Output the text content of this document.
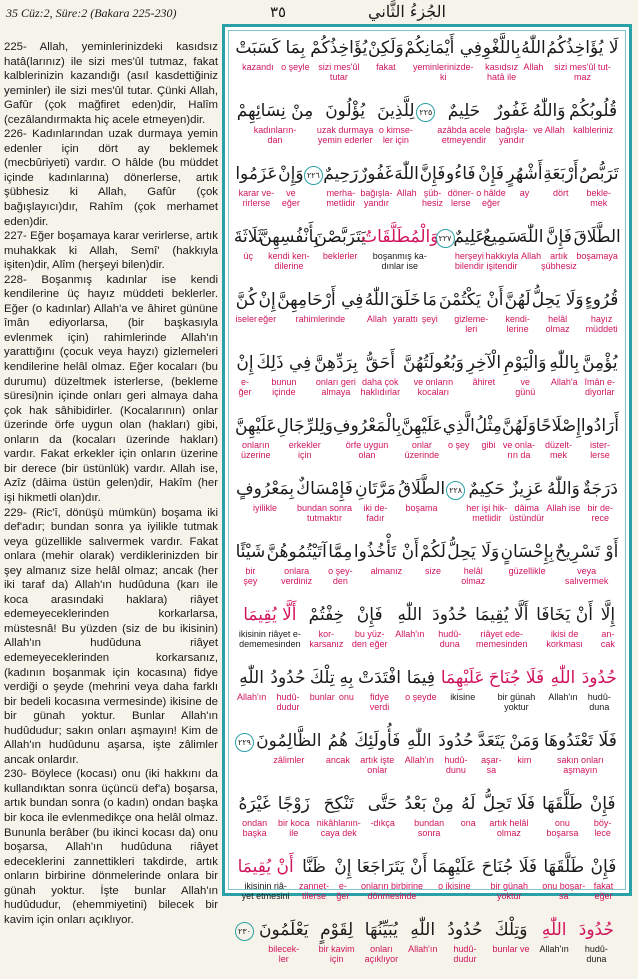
35 Cüz:2, Süre:2 (Bakara 225-230)	٣٥	الجُزءُ الثَّاني

225- Allah, yeminlerinizdeki kasıdsız hatâ(larınız) ile sizi mes'ûl tutmaz, fakat kalblerinizin kazandığı (asıl kasdettiğiniz yeminler) ile sizi mes'ûl tutar. Çünki Allah, Gafûr (çok mağfiret eden)dir, Halîm (cezâlandırmakta hiç acele etmeyen)dir.

226- Kadınlarından uzak durmaya yemin edenler için dört ay beklemek (mecbûriyeti) vardır. O hâlde (bu müddet içinde kadınlarına) dönerlerse, artık şübhesiz ki Allah, Gafûr (çok bağışlayıcı)dır, Rahîm (çok merhamet eden)dir.

227- Eğer boşamaya karar verirlerse, artık muhakkak ki Allah, Semî' (hakkıyla işiten)dir, Alîm (herşeyi bilen)dir.

228- Boşanmış kadınlar ise kendi kendilerine üç hayız müddeti beklerler. Eğer (o kadınlar) Allah'a ve âhiret gününe îmân ediyorlarsa, (bir başkasıyla evlenmek için) rahimlerinde Allah'ın yarattığını (çocuk veya hayzı) gizlemeleri kendilerine helâl olmaz. Eğer kocaları (bu durumu) düzeltmek isterlerse, (bekleme süresi)nin içinde onları geri almaya daha çok hak sâhibidirler. (Kocalarının) onlar üzerinde örfe uygun olan (hakları) gibi, onların da (kocaları üzerinde hakları) vardır. Fakat erkekler için onların üzerine bir derece (bir üstünlük) vardır. Allah ise, Azîz (dâima üstün gelen)dir, Hakîm (her işi hikmetli olan)dır.

229- (Ric'î, dönüşü mümkün) boşama iki def'adır; bundan sonra ya iyilikle tutmak veya güzellikle salıvermek vardır. Fakat onlara (mehir olarak) verdiklerinizden bir şey almanız size helâl olmaz; ancak (her iki taraf da) Allah'ın hudûduna (karı ile koca arasındaki haklara) riâyet edemeyeceklerinden korkarlarsa, müstesnâ! Bu yüzden (siz de bu ikisinin) Allah'ın hudûduna riâyet edemeyeceklerinden korkarsanız, (kadının boşanmak için kocasına) fidye verdiği o şeyde (mehrini veya daha farklı bir bedeli kocasına vermesinde) ikisine de bir günah yoktur. Bunlar Allah'ın hudûdudur; sakın onları aşmayın! Kim de Allah'ın hudûdunu aşarsa, işte zâlimler ancak onlardır.

230- Böylece (kocası) onu (iki hakkını da kullandıktan sonra üçüncü def'a) boşarsa, artık bundan sonra (o kadın) ondan başka bir koca ile evlenmedikçe ona helâl olmaz. Bununla berâber (bu ikinci kocası da) onu boşarsa, Allah'ın hudûduna riâyet edeceklerini zannettikleri takdirde, artık onların birbirine dönmelerinde onlara bir günah yoktur. İşte bunlar Allah'ın hudûdudur, (ehemmiyetini) bilecek bir kavim için onları açıklıyor.

لَا يُؤَاخِذُكُمُ
sizi mes'ûl tut-
maz
اللّٰهُ
Allah
بِاللَّغْوِ
kasıdsız
hatâ ile
فِي أَيْمَانِكُمْ
yeminlerinizde-
ki
وَلَكِنْ
fakat
يُؤَاخِذُكُمْ
sizi mes'ûl
tutar
بِمَا
o şeyle
كَسَبَتْ
kazandı
قُلُوبُكُمْ
kalbleriniz
وَاللّٰهُ
ve Allah
غَفُورٌ
bağışla-
yandır
حَلِيمٌ
azâbda acele
etmeyendir
٢٢٥
لِلَّذِينَ
o kimse-
ler için
يُؤْلُونَ
uzak durmaya
yemin ederler
مِنْ نِسَائِهِمْ
kadınların-
dan
تَرَبُّصُ
bekle-
mek
أَرْبَعَةِ
dört
أَشْهُرٍ
ay
فَإِنْ
o hâlde
eğer
فَاءُو
döner-
lerse
فَإِنَّ
şüb-
hesiz
اللّٰهَ
Allah
غَفُورٌ
bağışla-
yandır
رَحِيمٌ
merha-
metlidir
٢٢٦
وَإِنْ
ve
eğer
عَزَمُوا
karar ve-
rirlerse
الطَّلَاقَ
boşamaya
فَإِنَّ
artık
şübhesiz
اللّٰهَ
Allah
سَمِيعٌ
hakkıyla
işitendir
عَلِيمٌ
herşeyi
bilendir
٢٢٧
وَالْمُطَلَّقَاتُ
boşanmış ka-
dınlar ise
يَتَرَبَّصْنَ
beklerler
بِأَنْفُسِهِنَّ
kendi ken-
dilerine
ثَلَاثَةَ
üç
قُرُوءٍ
hayız
müddeti
وَلَا يَحِلُّ
helâl
olmaz
لَهُنَّ
kendi-
lerine
أَنْ يَكْتُمْنَ
gizleme-
leri
مَا
şeyi
خَلَقَ
yarattı
اللّٰهُ
Allah
فِي أَرْحَامِهِنَّ
rahimlerinde
إِنْ
eğer
كُنَّ
iseler
يُؤْمِنَّ
îmân e-
diyorlar
بِاللّٰهِ
Allah'a
وَالْيَوْمِ
ve
günü
الْآخِرِ
âhiret
وَبُعُولَتُهُنَّ
ve onların
kocaları
أَحَقُّ
daha çok
haklıdırlar
بِرَدِّهِنَّ
onları geri
almaya
فِي ذَلِكَ
bunun
içinde
إِنْ
e-
ğer
أَرَادُوا
ister-
lerse
إِصْلَاحًا
düzelt-
mek
وَلَهُنَّ
ve onla-
rın da
مِثْلُ
gibi
الَّذِي
o şey
عَلَيْهِنَّ
onlar
üzerinde
بِالْمَعْرُوفِ
örfe uygun
olan
وَلِلرِّجَالِ
erkekler
için
عَلَيْهِنَّ
onların
üzerine
دَرَجَةٌ
bir de-
rece
وَاللّٰهُ
Allah ise
عَزِيزٌ
dâima
üstündür
حَكِيمٌ
her işi hik-
metlidir
٢٢٨
الطَّلَاقُ
boşama
مَرَّتَانِ
iki de-
fadır
فَإِمْسَاكٌ
bundan sonra
tutmaktır
بِمَعْرُوفٍ
iyilikle
أَوْ تَسْرِيحٌ
veya
salıvermek
بِإِحْسَانٍ
güzellikle
وَلَا يَحِلُّ
helâl
olmaz
لَكُمْ
size
أَنْ تَأْخُذُوا
almanız
مِمَّا
o şey-
den
آتَيْتُمُوهُنَّ
onlara
verdiniz
شَيْئًا
bir
şey
إِلَّا
an-
cak
أَنْ يَخَافَا
ikisi de
korkması
أَلَّا يُقِيمَا
riâyet ede-
memesinden
حُدُودَ
hudû-
duna
اللّٰهِ
Allah'ın
فَإِنْ
bu yüz-
den eğer
خِفْتُمْ
kor-
karsanız
أَلَّا يُقِيمَا
ikisinin riâyet e-
dememesinden
حُدُودَ
hudû-
duna
اللّٰهِ
Allah'ın
فَلَا جُنَاحَ
bir günah
yoktur
عَلَيْهِمَا
ikisine
فِيمَا
o şeyde
افْتَدَتْ
fidye
verdi
بِهِ
onu
تِلْكَ
bunlar
حُدُودُ
hudû-
dudur
اللّٰهِ
Allah'ın
فَلَا تَعْتَدُوهَا
sakın onları
aşmayın
وَمَنْ
kim
يَتَعَدَّ
aşar-
sa
حُدُودَ
hudû-
dunu
اللّٰهِ
Allah'ın
فَأُولَئِكَ
artık işte
onlar
هُمُ
ancak
الظَّالِمُونَ
zâlimler
٢٢٩
فَإِنْ
böy-
lece
طَلَّقَهَا
onu
boşarsa
فَلَا تَحِلُّ
artık helâl
olmaz
لَهُ
ona
مِنْ بَعْدُ
bundan
sonra
حَتَّى
-dıkça
تَنْكِحَ
nikâhlanın-
caya dek
زَوْجًا
bir koca
ile
غَيْرَهُ
ondan
başka
فَإِنْ
fakat
eğer
طَلَّقَهَا
onu boşar-
sa
فَلَا جُنَاحَ
bir günah
yoktur
عَلَيْهِمَا
o ikisine
أَنْ يَتَرَاجَعَا
onların birbirine
dönmesinde
إِنْ
e-
ğer
ظَنَّا
zannet-
tilerse
أَنْ يُقِيمَا
ikisinin riâ-
yet etmesini
حُدُودَ
hudû-
duna
اللّٰهِ
Allah'ın
وَتِلْكَ
bunlar ve
حُدُودُ
hudû-
dudur
اللّٰهِ
Allah'ın
يُبَيِّنُهَا
onları
açıklıyor
لِقَوْمٍ
bir kavim
için
يَعْلَمُونَ
bilecek-
ler
٢٣٠
